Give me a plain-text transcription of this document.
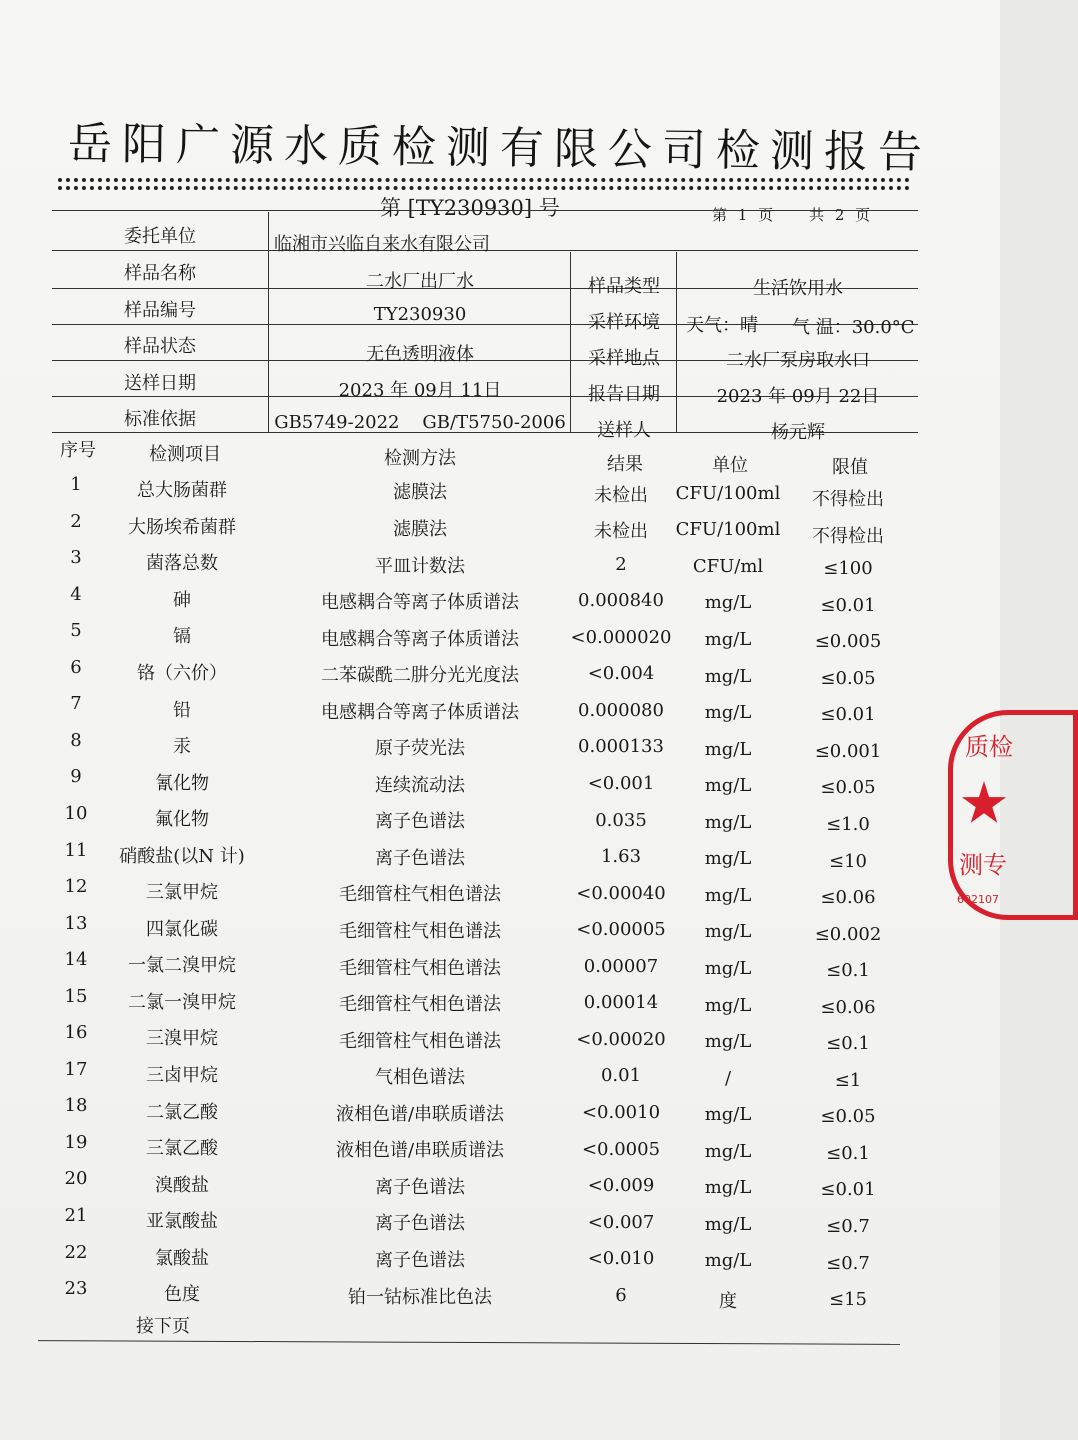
岳阳广源水质检测有限公司检测报告
第 [TY230930] 号	第 1 页 共 2 页
委托单位	临湘市兴临自来水有限公司
样品名称	二水厂出厂水	样品类型	生活饮用水
样品编号	TY230930	采样环境	天气：晴 气 温：30.0°C
样品状态	无色透明液体	采样地点	二水厂泵房取水口
送样日期	2023 年 09月 11日	报告日期	2023 年 09月 22日
标准依据	GB5749-2022    GB/T5750-2006	送样人	杨元辉
序号	检测项目	检测方法	结果	单位	限值
1	总大肠菌群	滤膜法	未检出	CFU/100ml	不得检出
2	大肠埃希菌群	滤膜法	未检出	CFU/100ml	不得检出
3	菌落总数	平皿计数法	2	CFU/ml	≤100
4	砷	电感耦合等离子体质谱法	0.000840	mg/L	≤0.01
5	镉	电感耦合等离子体质谱法	<0.000020	mg/L	≤0.005
6	铬（六价）	二苯碳酰二肼分光光度法	<0.004	mg/L	≤0.05
7	铅	电感耦合等离子体质谱法	0.000080	mg/L	≤0.01
8	汞	原子荧光法	0.000133	mg/L	≤0.001
9	氰化物	连续流动法	<0.001	mg/L	≤0.05
10	氟化物	离子色谱法	0.035	mg/L	≤1.0
11	硝酸盐(以N 计)	离子色谱法	1.63	mg/L	≤10
12	三氯甲烷	毛细管柱气相色谱法	<0.00040	mg/L	≤0.06
13	四氯化碳	毛细管柱气相色谱法	<0.00005	mg/L	≤0.002
14	一氯二溴甲烷	毛细管柱气相色谱法	0.00007	mg/L	≤0.1
15	二氯一溴甲烷	毛细管柱气相色谱法	0.00014	mg/L	≤0.06
16	三溴甲烷	毛细管柱气相色谱法	<0.00020	mg/L	≤0.1
17	三卤甲烷	气相色谱法	0.01	/	≤1
18	二氯乙酸	液相色谱/串联质谱法	<0.0010	mg/L	≤0.05
19	三氯乙酸	液相色谱/串联质谱法	<0.0005	mg/L	≤0.1
20	溴酸盐	离子色谱法	<0.009	mg/L	≤0.01
21	亚氯酸盐	离子色谱法	<0.007	mg/L	≤0.7
22	氯酸盐	离子色谱法	<0.010	mg/L	≤0.7
23	色度	铂一钴标准比色法	6	度	≤15
接下页
质检
测专
602107
